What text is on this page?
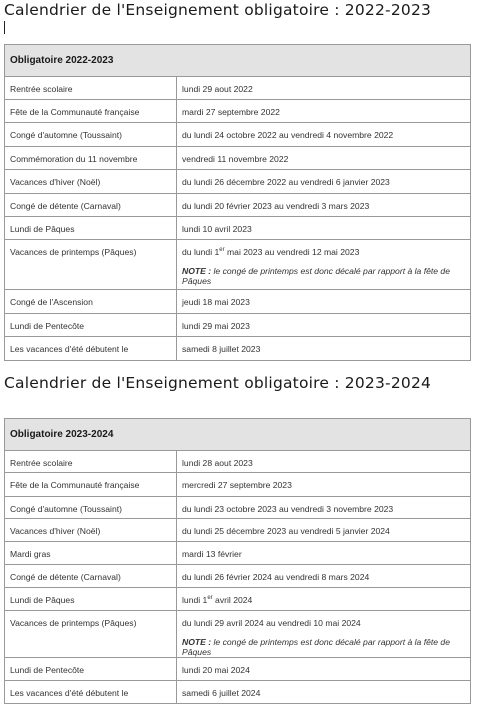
Calendrier de l'Enseignement obligatoire : 2022-2023
Obligatoire 2022-2023	

Rentrée scolaire	lundi 29 aout 2022

Fête de la Communauté française	mardi 27 septembre 2022

Congé d'automne (Toussaint)	du lundi 24 octobre 2022 au vendredi 4 novembre 2022

Commémoration du 11 novembre	vendredi 11 novembre 2022

Vacances d'hiver (Noël)	du lundi 26 décembre 2022 au vendredi 6 janvier 2023

Congé de détente (Carnaval)	du lundi 20 février 2023 au vendredi 3 mars 2023

Lundi de Pâques	lundi 10 avril 2023

Vacances de printemps (Pâques)	du lundi 1er mai 2023 au vendredi 12 mai 2023
NOTE : le congé de printemps est donc décalé par rapport à la fête de Pâques

Congé de l'Ascension	jeudi 18 mai 2023

Lundi de Pentecôte	lundi 29 mai 2023

Les vacances d'été débutent le	samedi 8 juillet 2023
Calendrier de l'Enseignement obligatoire : 2023-2024
Obligatoire 2023-2024	

Rentrée scolaire	lundi 28 aout 2023

Fête de la Communauté française	mercredi 27 septembre 2023

Congé d'automne (Toussaint)	du lundi 23 octobre 2023 au vendredi 3 novembre 2023

Vacances d'hiver (Noël)	du lundi 25 décembre 2023 au vendredi 5 janvier 2024

Mardi gras	mardi 13 février

Congé de détente (Carnaval)	du lundi 26 février 2024 au vendredi 8 mars 2024

Lundi de Pâques	lundi 1er avril 2024

Vacances de printemps (Pâques)	du lundi 29 avril 2024 au vendredi 10 mai 2024
NOTE : le congé de printemps est donc décalé par rapport à la fête de Pâques

Lundi de Pentecôte	lundi 20 mai 2024

Les vacances d'été débutent le	samedi 6 juillet 2024
